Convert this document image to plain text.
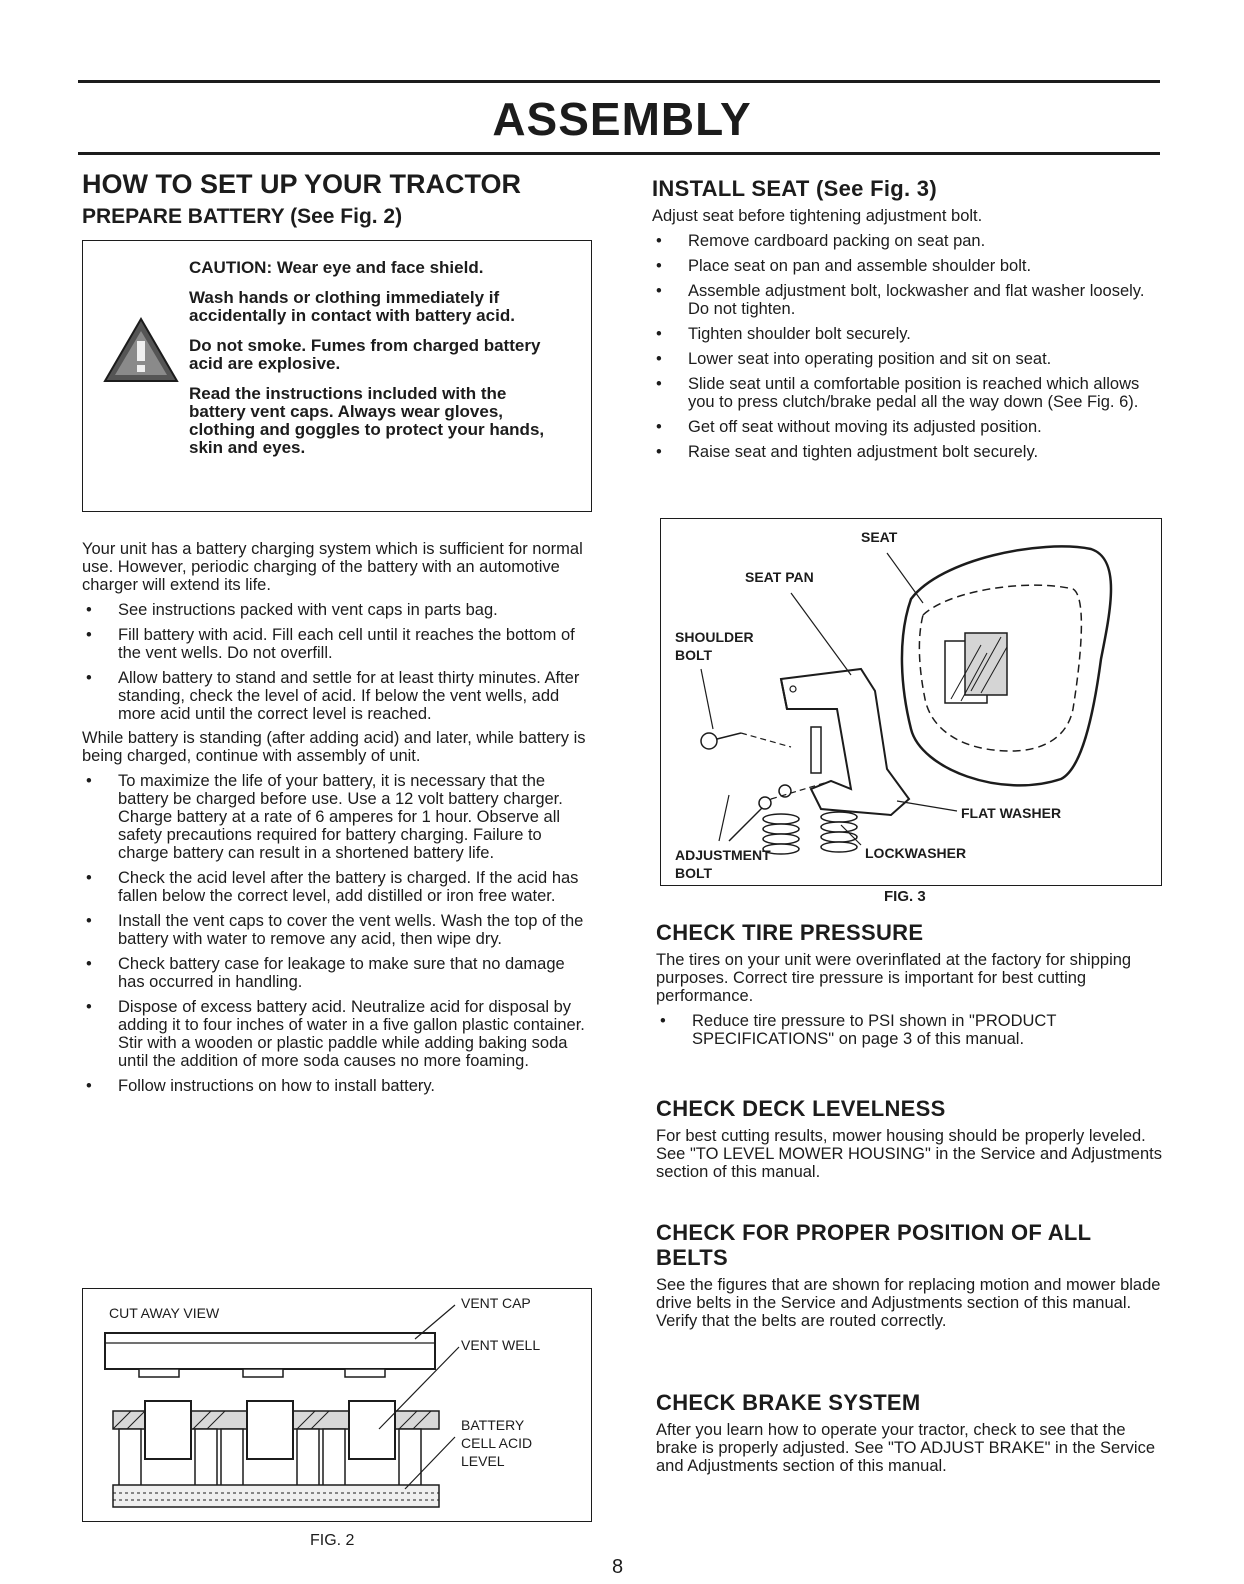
ASSEMBLY
HOW TO SET UP YOUR TRACTOR
PREPARE BATTERY (See Fig. 2)

CAUTION: Wear eye and face shield.

Wash hands or clothing immediately if accidentally in contact with battery acid.

Do not smoke. Fumes from charged battery acid are explosive.

Read the instructions included with the battery vent caps. Always wear gloves, clothing and goggles to protect your hands, skin and eyes.

Your unit has a battery charging system which is sufficient for normal use. However, periodic charging of the battery with an automotive charger will extend its life.

• See instructions packed with vent caps in parts bag.
• Fill battery with acid. Fill each cell until it reaches the bottom of the vent wells. Do not overfill.
• Allow battery to stand and settle for at least thirty minutes. After standing, check the level of acid. If below the vent wells, add more acid until the correct level is reached.

While battery is standing (after adding acid) and later, while battery is being charged, continue with assembly of unit.

• To maximize the life of your battery, it is necessary that the battery be charged before use. Use a 12 volt battery charger. Charge battery at a rate of 6 amperes for 1 hour. Observe all safety precautions required for battery charging. Failure to charge battery can result in a shortened battery life.
• Check the acid level after the battery is charged. If the acid has fallen below the correct level, add distilled or iron free water.
• Install the vent caps to cover the vent wells. Wash the top of the battery with water to remove any acid, then wipe dry.
• Check battery case for leakage to make sure that no damage has occurred in handling.
• Dispose of excess battery acid. Neutralize acid for disposal by adding it to four inches of water in a five gallon plastic container. Stir with a wooden or plastic paddle while adding baking soda until the addition of more soda causes no more foaming.
• Follow instructions on how to install battery.
CUT AWAY VIEW
VENT CAP
VENT WELL
BATTERY
CELL ACID
LEVEL
FIG. 2
INSTALL SEAT (See Fig. 3)

Adjust seat before tightening adjustment bolt.

• Remove cardboard packing on seat pan.
• Place seat on pan and assemble shoulder bolt.
• Assemble adjustment bolt, lockwasher and flat washer loosely. Do not tighten.
• Tighten shoulder bolt securely.
• Lower seat into operating position and sit on seat.
• Slide seat until a comfortable position is reached which allows you to press clutch/brake pedal all the way down (See Fig. 6).
• Get off seat without moving its adjusted position.
• Raise seat and tighten adjustment bolt securely.
SEAT
SEAT PAN
SHOULDER
BOLT
FLAT WASHER
ADJUSTMENT
BOLT
LOCKWASHER
FIG. 3
CHECK TIRE PRESSURE

The tires on your unit were overinflated at the factory for shipping purposes. Correct tire pressure is important for best cutting performance.

• Reduce tire pressure to PSI shown in "PRODUCT SPECIFICATIONS" on page 3 of this manual.
CHECK DECK LEVELNESS

For best cutting results, mower housing should be properly leveled. See "TO LEVEL MOWER HOUSING" in the Service and Adjustments section of this manual.

CHECK FOR PROPER POSITION OF ALL BELTS

See the figures that are shown for replacing motion and mower blade drive belts in the Service and Adjustments section of this manual. Verify that the belts are routed correctly.

CHECK BRAKE SYSTEM

After you learn how to operate your tractor, check to see that the brake is properly adjusted. See "TO ADJUST BRAKE" in the Service and Adjustments section of this manual.

8
